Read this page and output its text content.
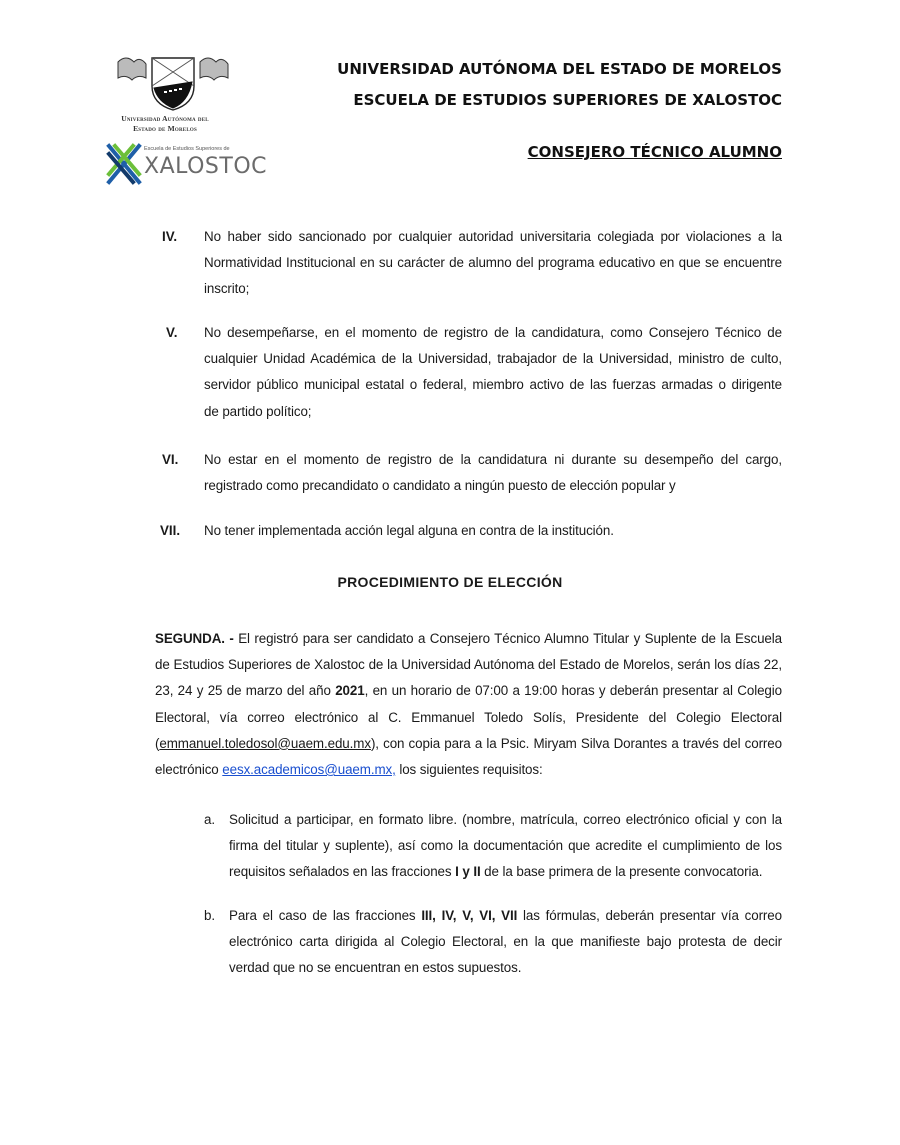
Universidad Autónoma del
Estado de Morelos
Escuela de Estudios Superiores de
XALOSTOC
UNIVERSIDAD AUTÓNOMA DEL ESTADO DE MORELOS
ESCUELA DE ESTUDIOS SUPERIORES DE XALOSTOC
CONSEJERO TÉCNICO ALUMNO
IV. No haber sido sancionado por cualquier autoridad universitaria colegiada por violaciones a la
Normatividad Institucional en su carácter de alumno del programa educativo en que se encuentre
inscrito;
V. No desempeñarse, en el momento de registro de la candidatura, como Consejero Técnico de
cualquier Unidad Académica de la Universidad, trabajador de la Universidad, ministro de culto,
servidor público municipal estatal o federal, miembro activo de las fuerzas armadas o dirigente
de partido político;
VI. No estar en el momento de registro de la candidatura ni durante su desempeño del cargo,
registrado como precandidato o candidato a ningún puesto de elección popular y
VII. No tener implementada acción legal alguna en contra de la institución.
PROCEDIMIENTO DE ELECCIÓN
SEGUNDA. - El registró para ser candidato a Consejero Técnico Alumno Titular y Suplente de la Escuela
de Estudios Superiores de Xalostoc de la Universidad Autónoma del Estado de Morelos, serán los días 22,
23, 24 y 25 de marzo del año 2021, en un horario de 07:00 a 19:00 horas y deberán presentar al Colegio
Electoral, vía correo electrónico al C. Emmanuel Toledo Solís, Presidente del Colegio Electoral
(emmanuel.toledosol@uaem.edu.mx), con copia para a la Psic. Miryam Silva Dorantes a través del correo
electrónico eesx.academicos@uaem.mx, los siguientes requisitos:
a.	Solicitud a participar, en formato libre. (nombre, matrícula, correo electrónico oficial y con la
firma del titular y suplente), así como la documentación que acredite el cumplimiento de los
requisitos señalados en las fracciones I y II de la base primera de la presente convocatoria.
b.	Para el caso de las fracciones III, IV, V, VI, VII las fórmulas, deberán presentar vía correo
electrónico carta dirigida al Colegio Electoral, en la que manifieste bajo protesta de decir
verdad que no se encuentran en estos supuestos.
